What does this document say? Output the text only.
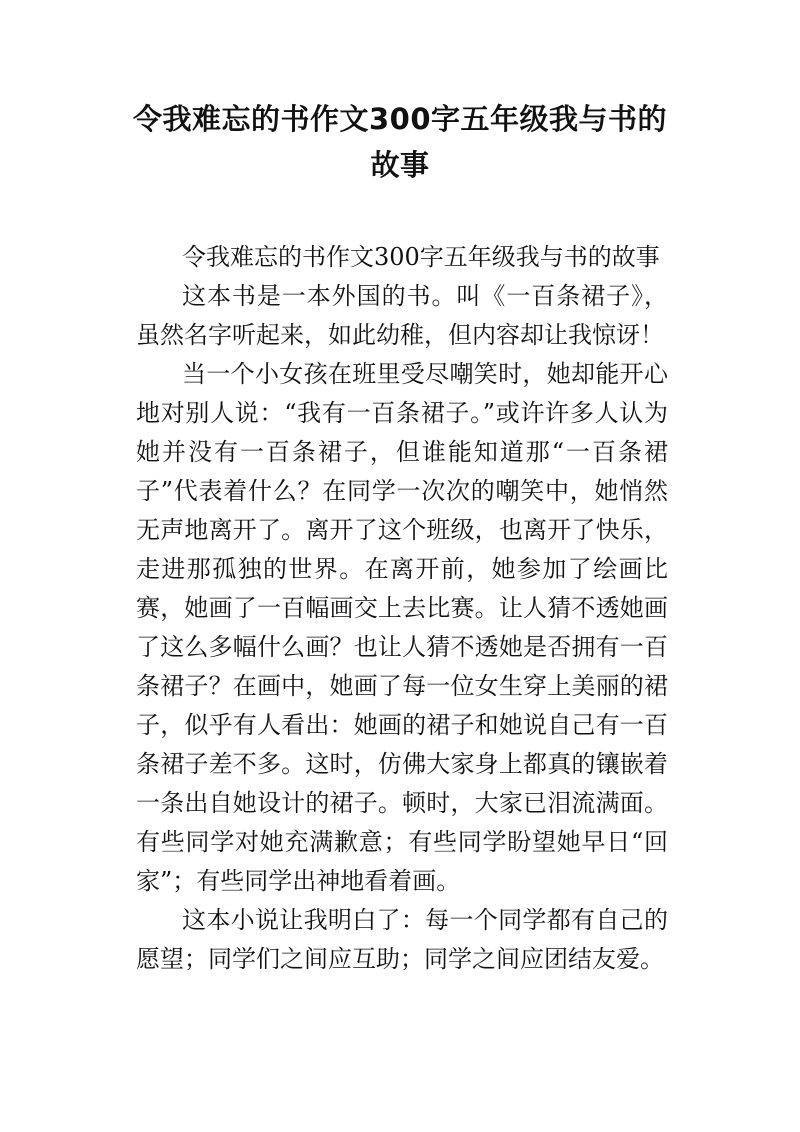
令我难忘的书作文300字五年级我与书的故事

令我难忘的书作文300字五年级我与书的故事

这本书是一本外国的书。叫《一百条裙子》，虽然名字听起来，如此幼稚，但内容却让我惊讶！

当一个小女孩在班里受尽嘲笑时，她却能开心地对别人说：“我有一百条裙子。”或许许多人认为她并没有一百条裙子，但谁能知道那“一百条裙子”代表着什么？在同学一次次的嘲笑中，她悄然无声地离开了。离开了这个班级，也离开了快乐，走进那孤独的世界。在离开前，她参加了绘画比赛，她画了一百幅画交上去比赛。让人猜不透她画了这么多幅什么画？也让人猜不透她是否拥有一百条裙子？在画中，她画了每一位女生穿上美丽的裙子，似乎有人看出：她画的裙子和她说自己有一百条裙子差不多。这时，仿佛大家身上都真的镶嵌着一条出自她设计的裙子。顿时，大家已泪流满面。有些同学对她充满歉意；有些同学盼望她早日“回家”；有些同学出神地看着画。

这本小说让我明白了：每一个同学都有自己的愿望；同学们之间应互助；同学之间应团结友爱。
